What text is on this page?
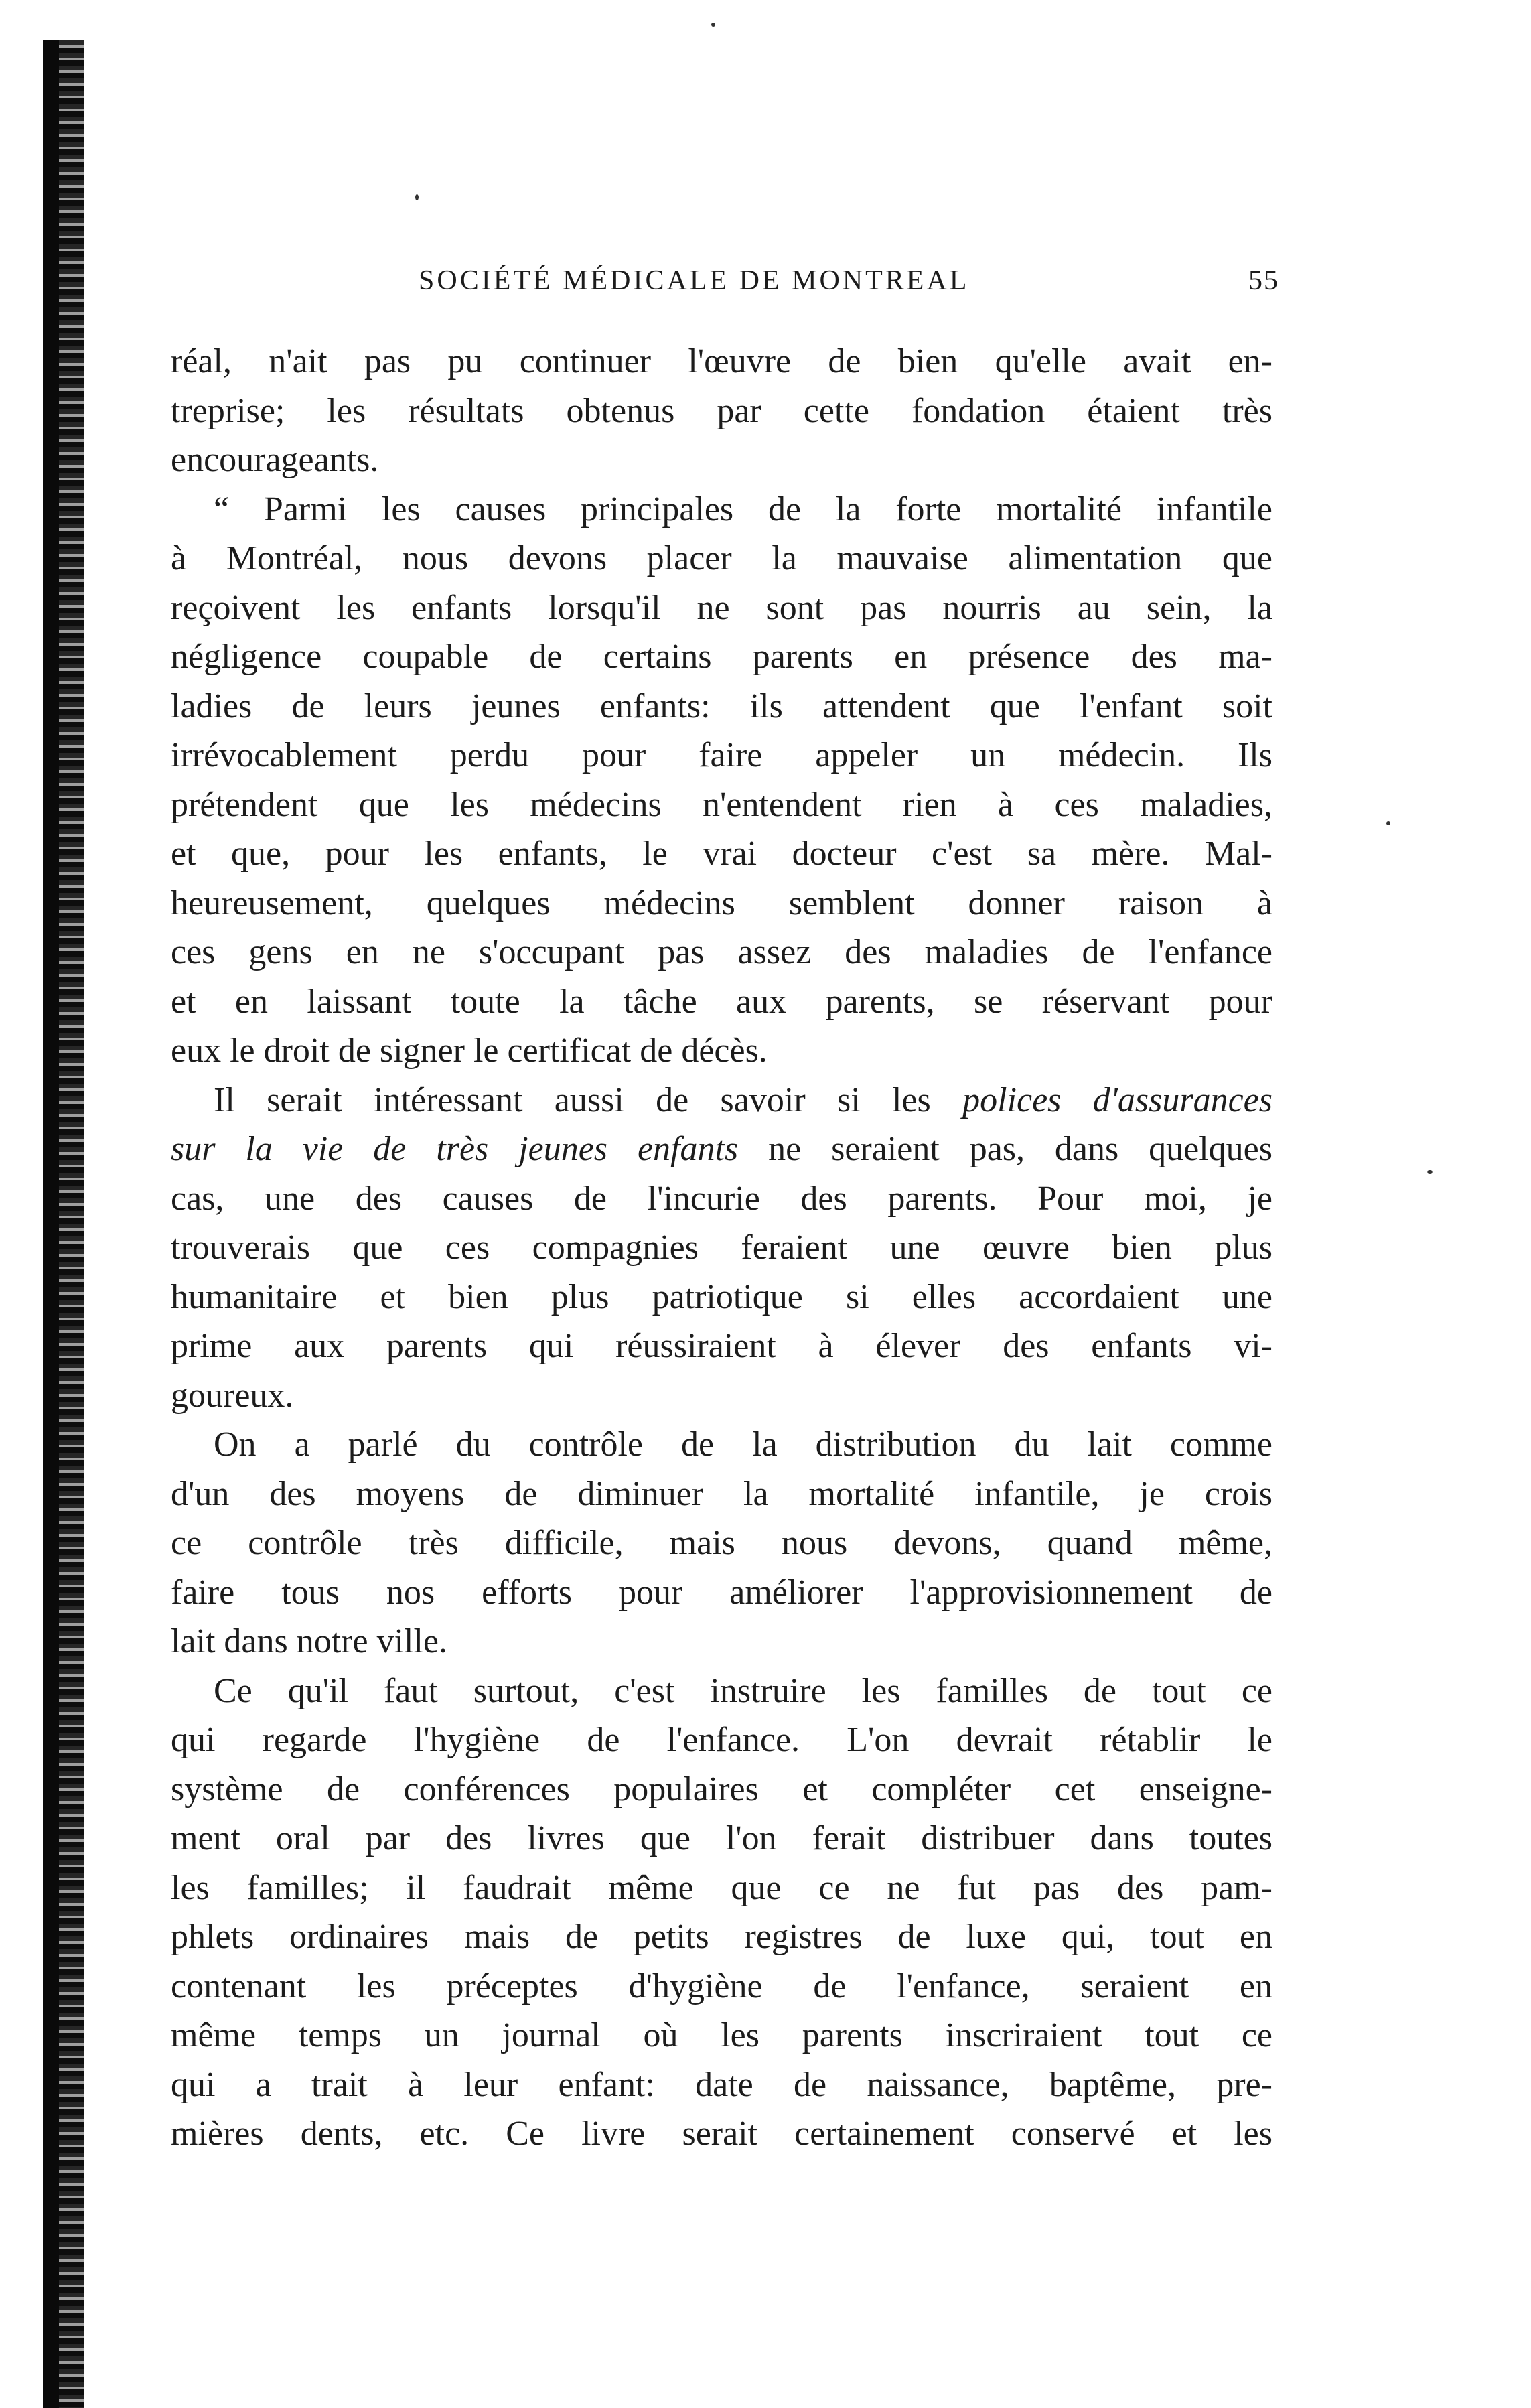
SOCIÉTÉ MÉDICALE DE MONTREAL	55
réal, n'ait pas pu continuer l'œuvre de bien qu'elle avait en-
treprise; les résultats obtenus par cette fondation étaient très
encourageants.
“ Parmi les causes principales de la forte mortalité infantile
à Montréal, nous devons placer la mauvaise alimentation que
reçoivent les enfants lorsqu'il ne sont pas nourris au sein, la
négligence coupable de certains parents en présence des ma-
ladies de leurs jeunes enfants: ils attendent que l'enfant soit
irrévocablement perdu pour faire appeler un médecin. Ils
prétendent que les médecins n'entendent rien à ces maladies,
et que, pour les enfants, le vrai docteur c'est sa mère. Mal-
heureusement, quelques médecins semblent donner raison à
ces gens en ne s'occupant pas assez des maladies de l'enfance
et en laissant toute la tâche aux parents, se réservant pour
eux le droit de signer le certificat de décès.
Il serait intéressant aussi de savoir si les polices d'assurances
sur la vie de très jeunes enfants ne seraient pas, dans quelques
cas, une des causes de l'incurie des parents. Pour moi, je
trouverais que ces compagnies feraient une œuvre bien plus
humanitaire et bien plus patriotique si elles accordaient une
prime aux parents qui réussiraient à élever des enfants vi-
goureux.
On a parlé du contrôle de la distribution du lait comme
d'un des moyens de diminuer la mortalité infantile, je crois
ce contrôle très difficile, mais nous devons, quand même,
faire tous nos efforts pour améliorer l'approvisionnement de
lait dans notre ville.
Ce qu'il faut surtout, c'est instruire les familles de tout ce
qui regarde l'hygiène de l'enfance. L'on devrait rétablir le
système de conférences populaires et compléter cet enseigne-
ment oral par des livres que l'on ferait distribuer dans toutes
les familles; il faudrait même que ce ne fut pas des pam-
phlets ordinaires mais de petits registres de luxe qui, tout en
contenant les préceptes d'hygiène de l'enfance, seraient en
même temps un journal où les parents inscriraient tout ce
qui a trait à leur enfant: date de naissance, baptême, pre-
mières dents, etc. Ce livre serait certainement conservé et les
